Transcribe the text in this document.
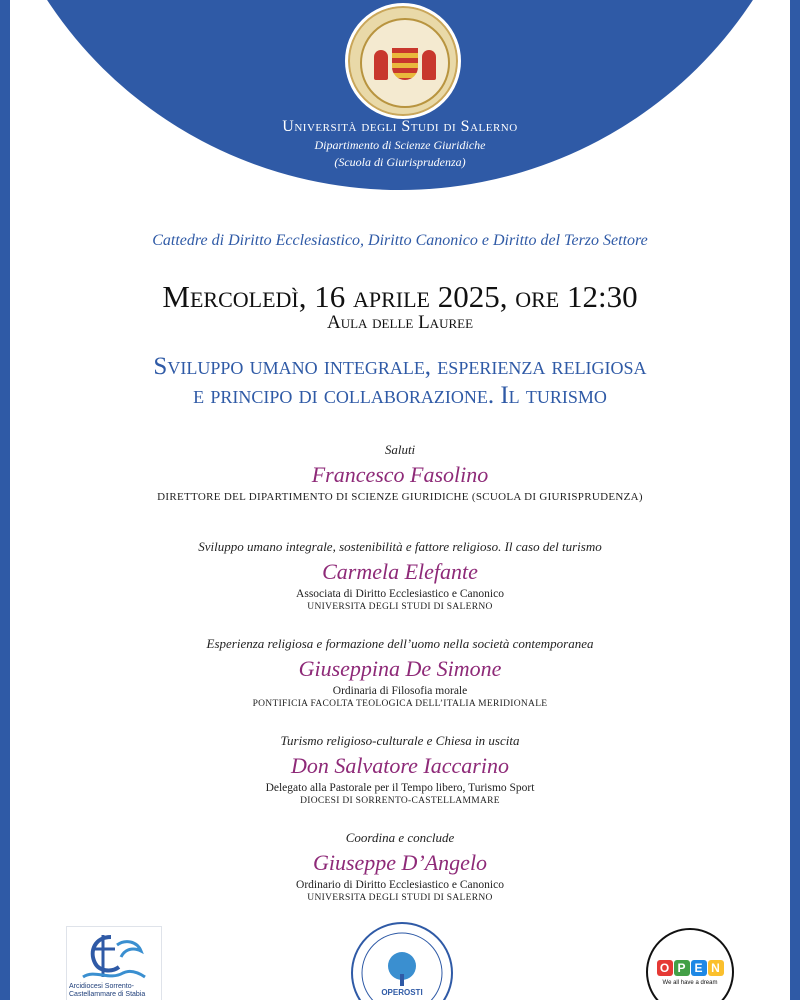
Università degli Studi di Salerno
Dipartimento di Scienze Giuridiche
(Scuola di Giurisprudenza)
Cattedre di Diritto Ecclesiastico, Diritto Canonico e Diritto del Terzo Settore
Mercoledì, 16 aprile 2025, ore 12:30
Aula delle Lauree
Sviluppo umano integrale, esperienza religiosa
e principo di collaborazione. Il turismo
Saluti
Francesco Fasolino
DIRETTORE DEL DIPARTIMENTO DI SCIENZE GIURIDICHE (SCUOLA DI GIURISPRUDENZA)
Sviluppo umano integrale, sostenibilità e fattore religioso. Il caso del turismo
Carmela Elefante
Associata di Diritto Ecclesiastico e Canonico
UNIVERSITA DEGLI STUDI DI SALERNO
Esperienza religiosa e formazione dell’uomo nella società contemporanea
Giuseppina De Simone
Ordinaria di Filosofia morale
PONTIFICIA FACOLTA TEOLOGICA DELL’ITALIA MERIDIONALE
Turismo religioso-culturale e Chiesa in uscita
Don Salvatore Iaccarino
Delegato alla Pastorale per il Tempo libero, Turismo Sport
DIOCESI DI SORRENTO-CASTELLAMMARE
Coordina e conclude
Giuseppe D’Angelo
Ordinario di Diritto Ecclesiastico e Canonico
UNIVERSITA DEGLI STUDI DI SALERNO
Arcidiocesi Sorrento-Castellammare di Stabia	OPEROSTI
O P E N
We all have a dream
